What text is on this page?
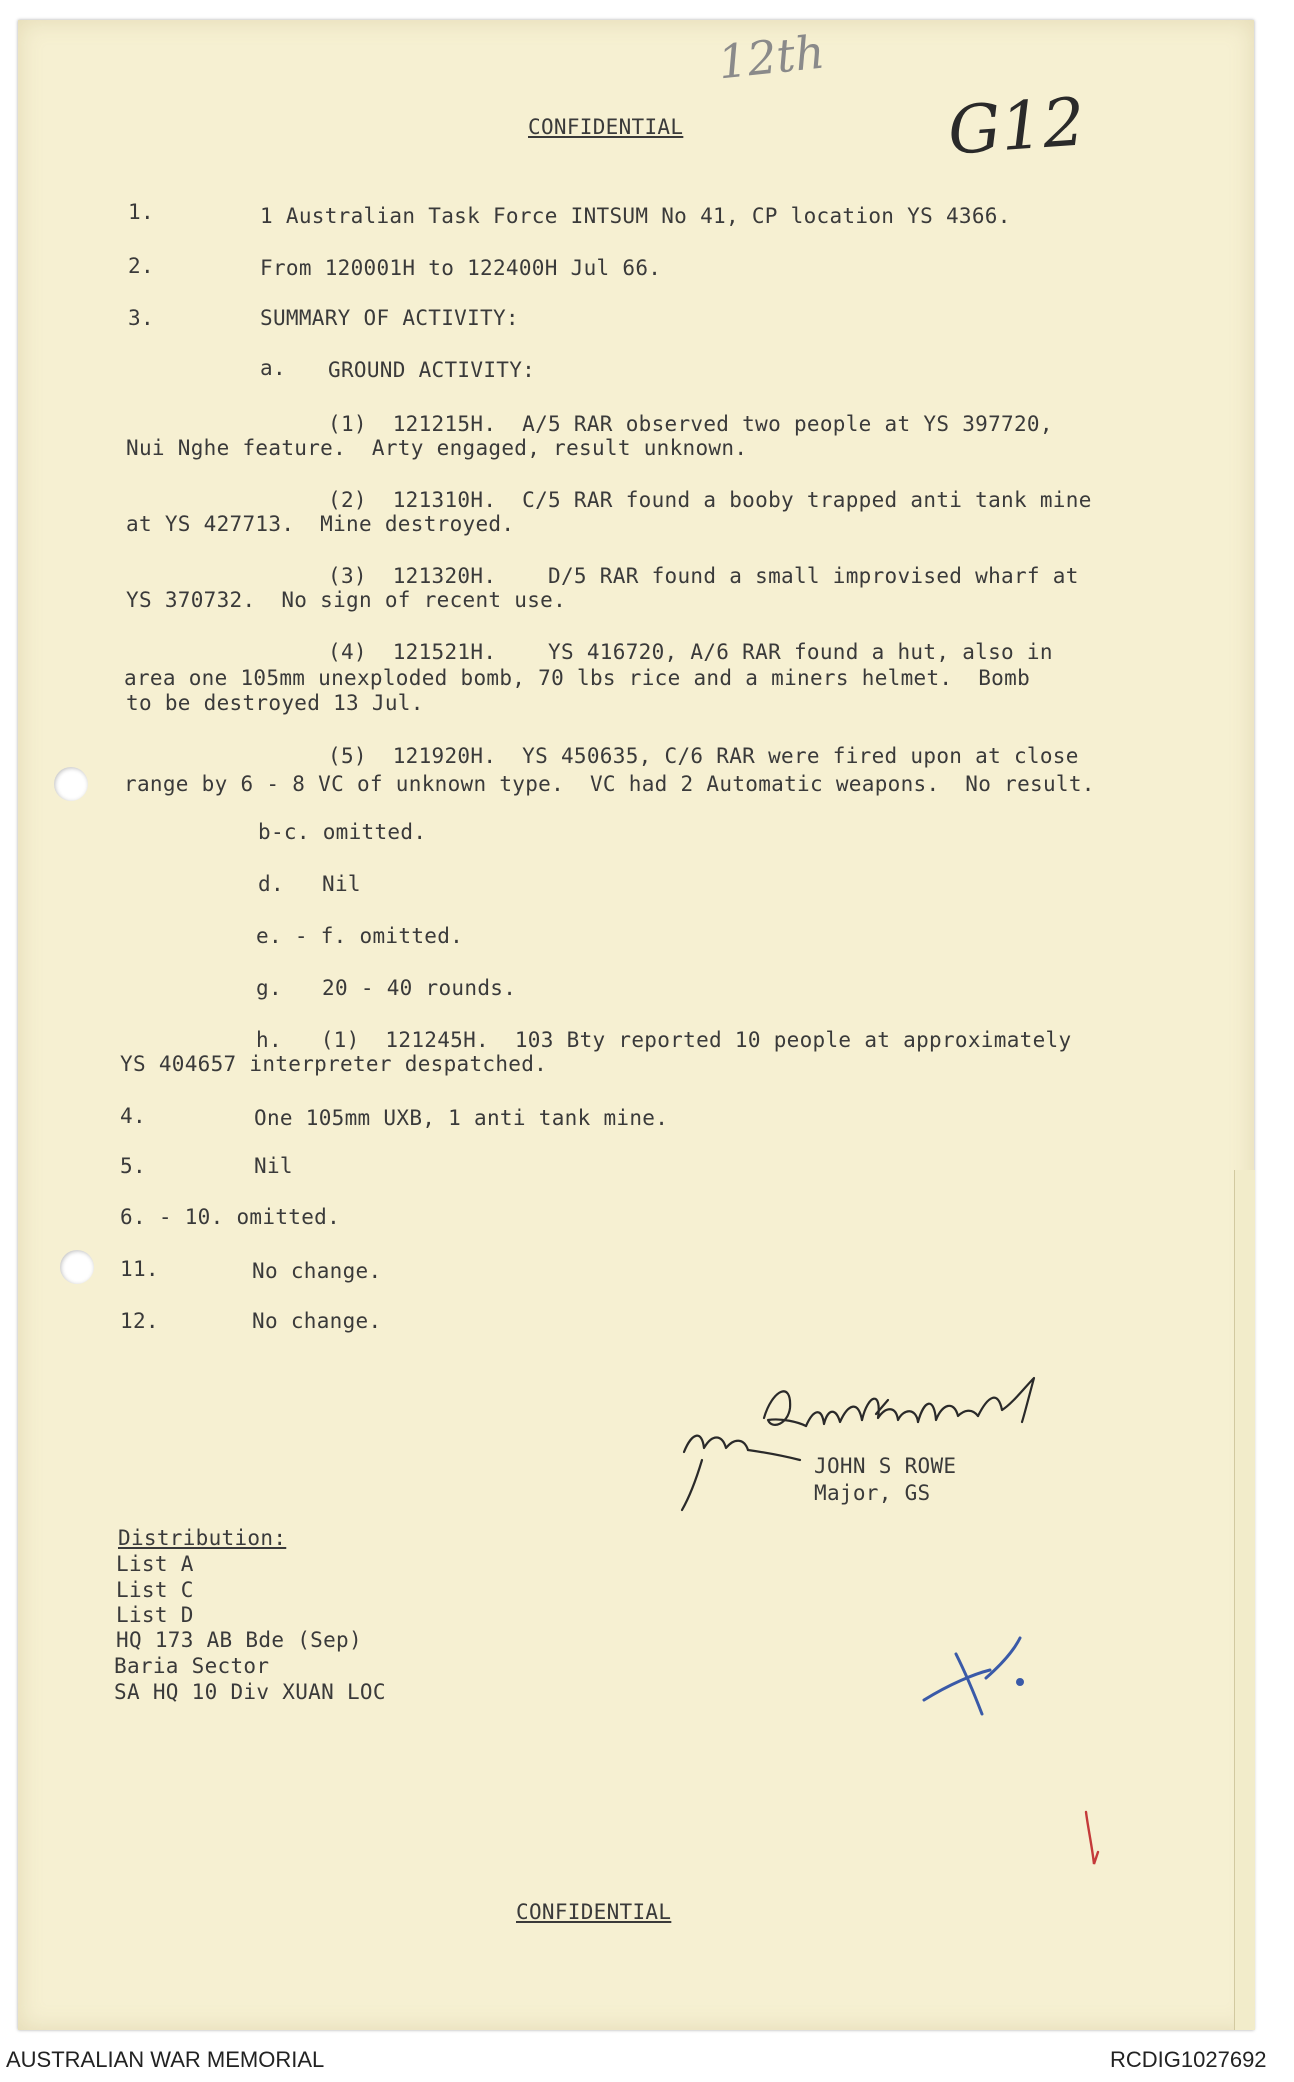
12th
G12

CONFIDENTIAL

1.	1 Australian Task Force INTSUM No 41, CP location YS 4366.

2.	From 120001H to 122400H Jul 66.

3.	SUMMARY OF ACTIVITY:

a. GROUND ACTIVITY:

(1)  121215H.  A/5 RAR observed two people at YS 397720,

Nui Nghe feature.  Arty engaged, result unknown.

(2)  121310H.  C/5 RAR found a booby trapped anti tank mine

at YS 427713.  Mine destroyed.

(3)  121320H.    D/5 RAR found a small improvised wharf at

YS 370732.  No sign of recent use.

(4)  121521H.    YS 416720, A/6 RAR found a hut, also in

area one 105mm unexploded bomb, 70 lbs rice and a miners helmet.  Bomb

to be destroyed 13 Jul.

(5)  121920H.  YS 450635, C/6 RAR were fired upon at close

range by 6 - 8 VC of unknown type.  VC had 2 Automatic weapons.  No result.

b-c. omitted.

d. Nil

e. - f. omitted.

g. 20 - 40 rounds.

h.   (1)  121245H.  103 Bty reported 10 people at approximately

YS 404657 interpreter despatched.

4.	One 105mm UXB, 1 anti tank mine.

5.	Nil

6. - 10. omitted.

11.	No change.

12.	No change.

JOHN S ROWE

Major, GS

Distribution:

List A

List C

List D

HQ 173 AB Bde (Sep)

Baria Sector

SA HQ 10 Div XUAN LOC

CONFIDENTIAL

AUSTRALIAN WAR MEMORIAL	RCDIG1027692
